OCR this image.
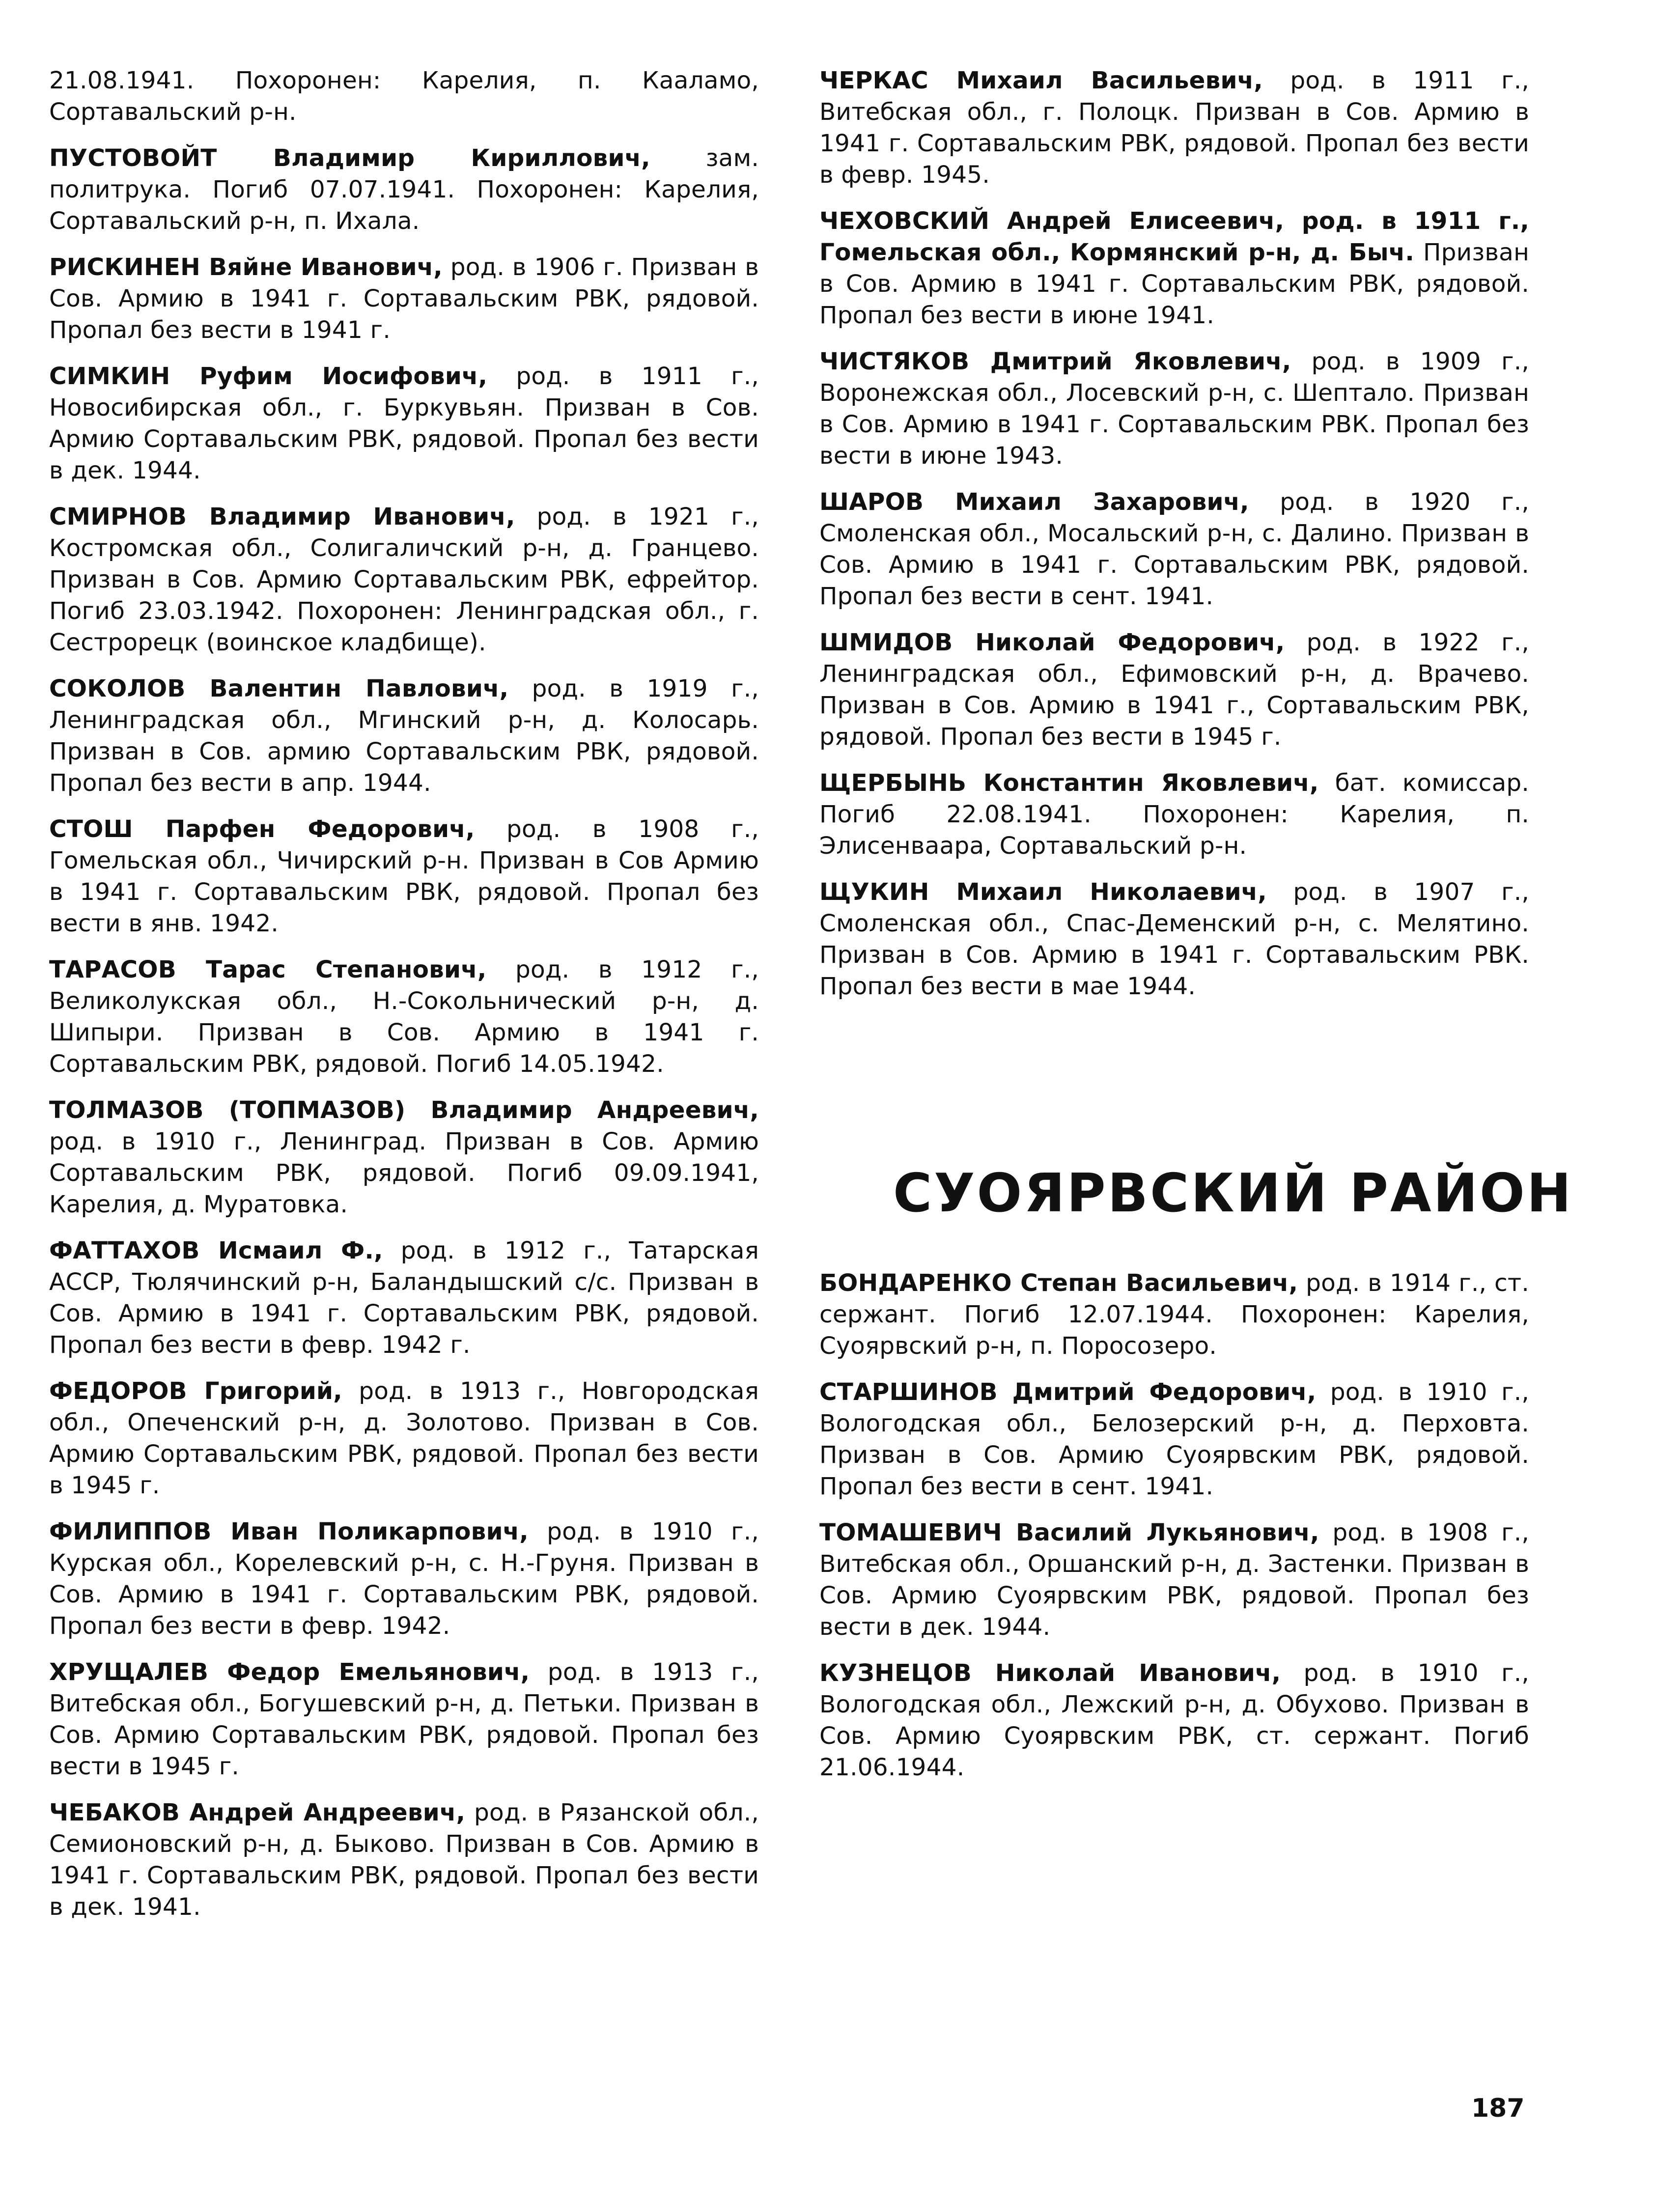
21.08.1941. Похоронен: Карелия, п. Кааламо, Сортавальский р-н.

ПУСТОВОЙТ Владимир Кириллович, зам. политрука. Погиб 07.07.1941. Похоронен: Карелия, Сортавальский р-н, п. Ихала.

РИСКИНЕН Вяйне Иванович, род. в 1906 г. Призван в Сов. Армию в 1941 г. Сортавальским РВК, рядовой. Пропал без вести в 1941 г.

СИМКИН Руфим Иосифович, род. в 1911 г., Новосибирская обл., г. Буркувьян. Призван в Сов. Армию Сортавальским РВК, рядовой. Пропал без вести в дек. 1944.

СМИРНОВ Владимир Иванович, род. в 1921 г., Костромская обл., Солигаличский р-н, д. Гранцево. Призван в Сов. Армию Сортавальским РВК, ефрейтор. Погиб 23.03.1942. Похоронен: Ленинградская обл., г. Сестрорецк (воинское кладбище).

СОКОЛОВ Валентин Павлович, род. в 1919 г., Ленинградская обл., Мгинский р-н, д. Колосарь. Призван в Сов. армию Сортавальским РВК, рядовой. Пропал без вести в апр. 1944.

СТОШ Парфен Федорович, род. в 1908 г., Гомельская обл., Чичирский р-н. Призван в Сов Армию в 1941 г. Сортавальским РВК, рядовой. Пропал без вести в янв. 1942.

ТАРАСОВ Тарас Степанович, род. в 1912 г., Великолукская обл., Н.-Сокольнический р-н, д. Шипыри. Призван в Сов. Армию в 1941 г. Сортавальским РВК, рядовой. Погиб 14.05.1942.

ТОЛМАЗОВ (ТОПМАЗОВ) Владимир Андреевич, род. в 1910 г., Ленинград. Призван в Сов. Армию Сортавальским РВК, рядовой. Погиб 09.09.1941, Карелия, д. Муратовка.

ФАТТАХОВ Исмаил Ф., род. в 1912 г., Татарская АССР, Тюлячинский р-н, Баландышский с/с. Призван в Сов. Армию в 1941 г. Сортавальским РВК, рядовой. Пропал без вести в февр. 1942 г.

ФЕДОРОВ Григорий, род. в 1913 г., Новгородская обл., Опеченский р-н, д. Золотово. Призван в Сов. Армию Сортавальским РВК, рядовой. Пропал без вести в 1945 г.

ФИЛИППОВ Иван Поликарпович, род. в 1910 г., Курская обл., Корелевский р-н, с. Н.-Груня. Призван в Сов. Армию в 1941 г. Сортавальским РВК, рядовой. Пропал без вести в февр. 1942.

ХРУЩАЛЕВ Федор Емельянович, род. в 1913 г., Витебская обл., Богушевский р-н, д. Петьки. Призван в Сов. Армию Сортавальским РВК, рядовой. Пропал без вести в 1945 г.

ЧЕБАКОВ Андрей Андреевич, род. в Рязанской обл., Семионовский р-н, д. Быково. Призван в Сов. Армию в 1941 г. Сортавальским РВК, рядовой. Пропал без вести в дек. 1941.

ЧЕРКАС Михаил Васильевич, род. в 1911 г., Витебская обл., г. Полоцк. Призван в Сов. Армию в 1941 г. Сортавальским РВК, рядовой. Пропал без вести в февр. 1945.

ЧЕХОВСКИЙ Андрей Елисеевич, род. в 1911 г., Гомельская обл., Кормянский р-н, д. Быч. Призван в Сов. Армию в 1941 г. Сортавальским РВК, рядовой. Пропал без вести в июне 1941.

ЧИСТЯКОВ Дмитрий Яковлевич, род. в 1909 г., Воронежская обл., Лосевский р-н, с. Шептало. Призван в Сов. Армию в 1941 г. Сортавальским РВК. Пропал без вести в июне 1943.

ШАРОВ Михаил Захарович, род. в 1920 г., Смоленская обл., Мосальский р-н, с. Далино. Призван в Сов. Армию в 1941 г. Сортавальским РВК, рядовой. Пропал без вести в сент. 1941.

ШМИДОВ Николай Федорович, род. в 1922 г., Ленинградская обл., Ефимовский р-н, д. Врачево. Призван в Сов. Армию в 1941 г., Сортавальским РВК, рядовой. Пропал без вести в 1945 г.

ЩЕРБЫНЬ Константин Яковлевич, бат. комиссар. Погиб 22.08.1941. Похоронен: Карелия, п. Элисенваара, Сортавальский р-н.

ЩУКИН Михаил Николаевич, род. в 1907 г., Смоленская обл., Спас-Деменский р-н, с. Мелятино. Призван в Сов. Армию в 1941 г. Сортавальским РВК. Пропал без вести в мае 1944.

СУОЯРВСКИЙ РАЙОН

БОНДАРЕНКО Степан Васильевич, род. в 1914 г., ст. сержант. Погиб 12.07.1944. Похоронен: Карелия, Суоярвский р-н, п. Поросозеро.

СТАРШИНОВ Дмитрий Федорович, род. в 1910 г., Вологодская обл., Белозерский р-н, д. Перховта. Призван в Сов. Армию Суоярвским РВК, рядовой. Пропал без вести в сент. 1941.

ТОМАШЕВИЧ Василий Лукьянович, род. в 1908 г., Витебская обл., Оршанский р-н, д. Застенки. Призван в Сов. Армию Суоярвским РВК, рядовой. Пропал без вести в дек. 1944.

КУЗНЕЦОВ Николай Иванович, род. в 1910 г., Вологодская обл., Лежский р-н, д. Обухово. Призван в Сов. Армию Суоярвским РВК, ст. сержант. Погиб 21.06.1944.

187
